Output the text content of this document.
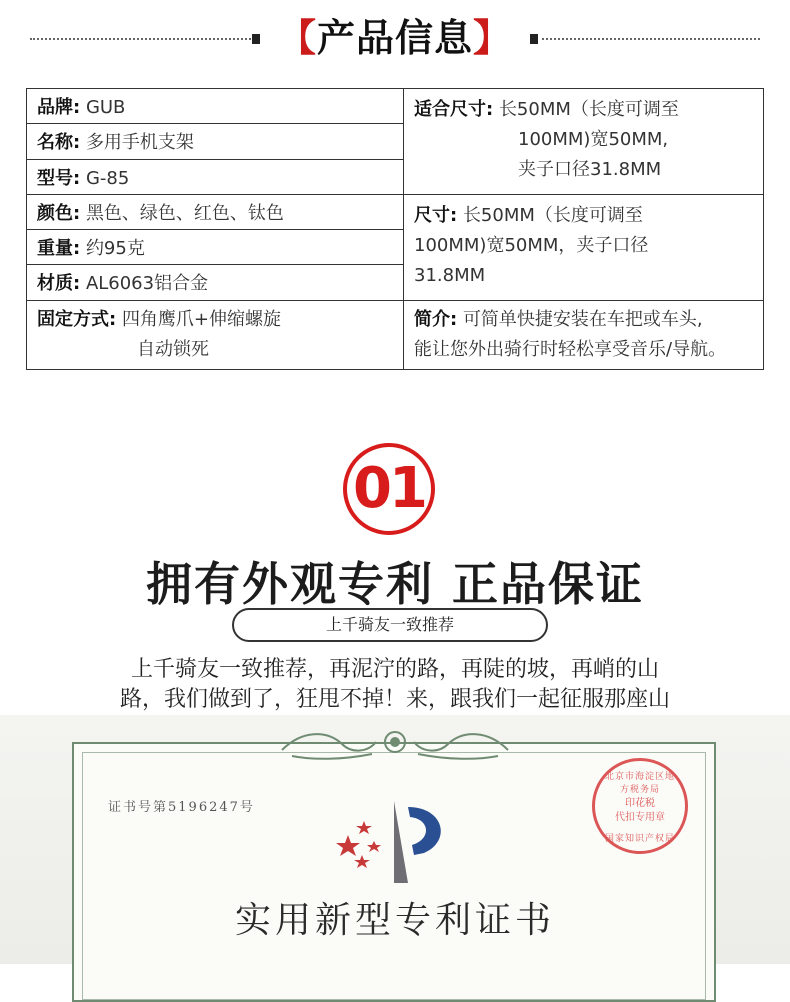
【产品信息】
品牌: GUB	适合尺寸: 长50MM（长度可调至
100MM)宽50MM,
夹子口径31.8MM

名称: 多用手机支架	
型号: G-85	
颜色: 黑色、绿色、红色、钛色	尺寸: 长50MM（长度可调至
100MM)宽50MM，夹子口径
31.8MM
重量: 约95克	
材质: AL6063铝合金	
固定方式: 四角鹰爪+伸缩螺旋
自动锁死	简介: 可简单快捷安装在车把或车头,
能让您外出骑行时轻松享受音乐/导航。
01
拥有外观专利 正品保证
上千骑友一致推荐
上千骑友一致推荐，再泥泞的路，再陡的坡，再峭的山
路，我们做到了，狂甩不掉！来，跟我们一起征服那座山
证书号第5196247号
北京市海淀区地方税务局
印花税
代扣专用章
国家知识产权局
实用新型专利证书
